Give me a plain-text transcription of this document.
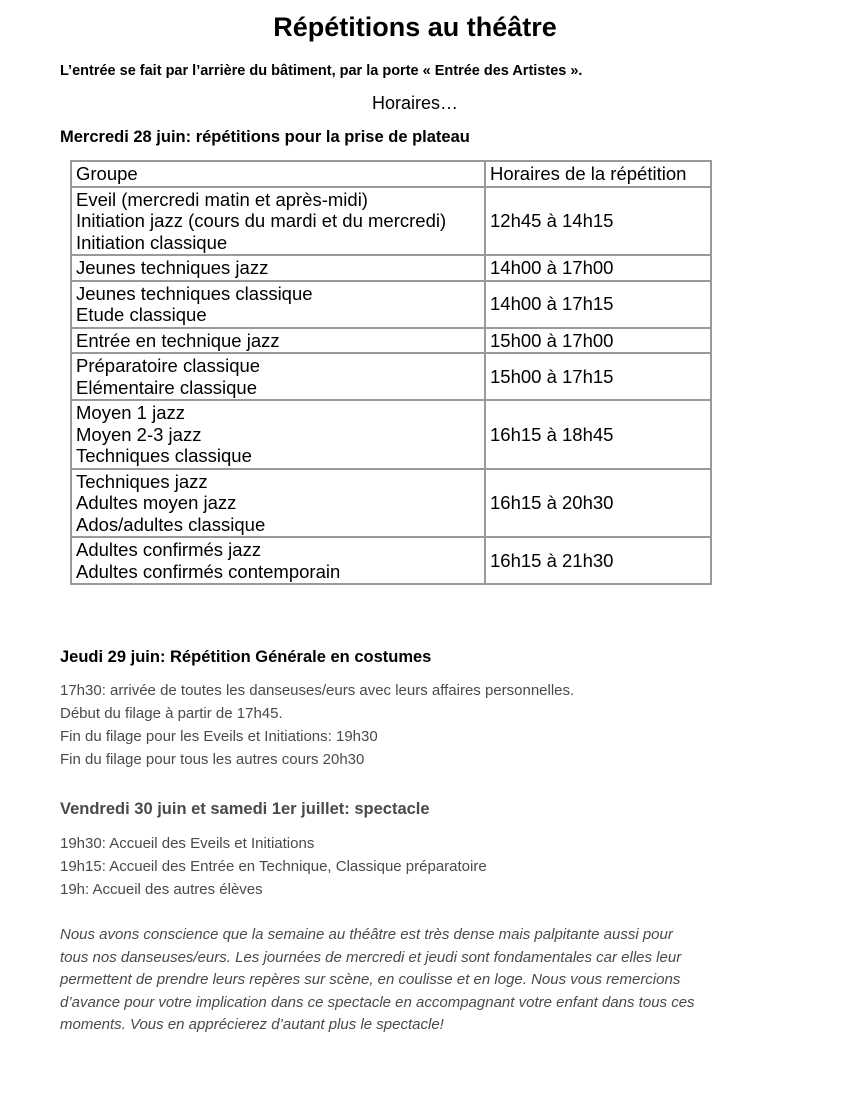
Répétitions au théâtre
L’entrée se fait par l’arrière du bâtiment, par la porte « Entrée des Artistes ».
Horaires…
Mercredi 28 juin: répétitions pour la prise de plateau
Groupe	Horaires de la répétition

Eveil (mercredi matin et après-midi)
Initiation jazz (cours du mardi et du mercredi)
Initiation classique	12h45 à 14h15

Jeunes techniques jazz	14h00 à 17h00

Jeunes techniques classique
Etude classique	14h00 à 17h15

Entrée en technique jazz	15h00 à 17h00

Préparatoire classique
Elémentaire classique	15h00 à 17h15

Moyen 1 jazz
Moyen 2-3 jazz
Techniques classique	16h15 à 18h45

Techniques jazz
Adultes moyen jazz
Ados/adultes classique	16h15 à 20h30

Adultes confirmés jazz
Adultes confirmés contemporain	16h15 à 21h30
Jeudi 29 juin: Répétition Générale en costumes
17h30: arrivée de toutes les danseuses/eurs avec leurs affaires personnelles.
Début du filage à partir de 17h45.
Fin du filage pour les Eveils et Initiations: 19h30
Fin du filage pour tous les autres cours 20h30
Vendredi 30 juin et samedi 1er juillet: spectacle
19h30: Accueil des Eveils et Initiations
19h15: Accueil des Entrée en Technique, Classique préparatoire
19h: Accueil des autres élèves
Nous avons conscience que la semaine au théâtre est très dense mais palpitante aussi pour
tous nos danseuses/eurs. Les journées de mercredi et jeudi sont fondamentales car elles leur
permettent de prendre leurs repères sur scène, en coulisse et en loge. Nous vous remercions
d’avance pour votre implication dans ce spectacle en accompagnant votre enfant dans tous ces
moments. Vous en apprécierez d’autant plus le spectacle!
